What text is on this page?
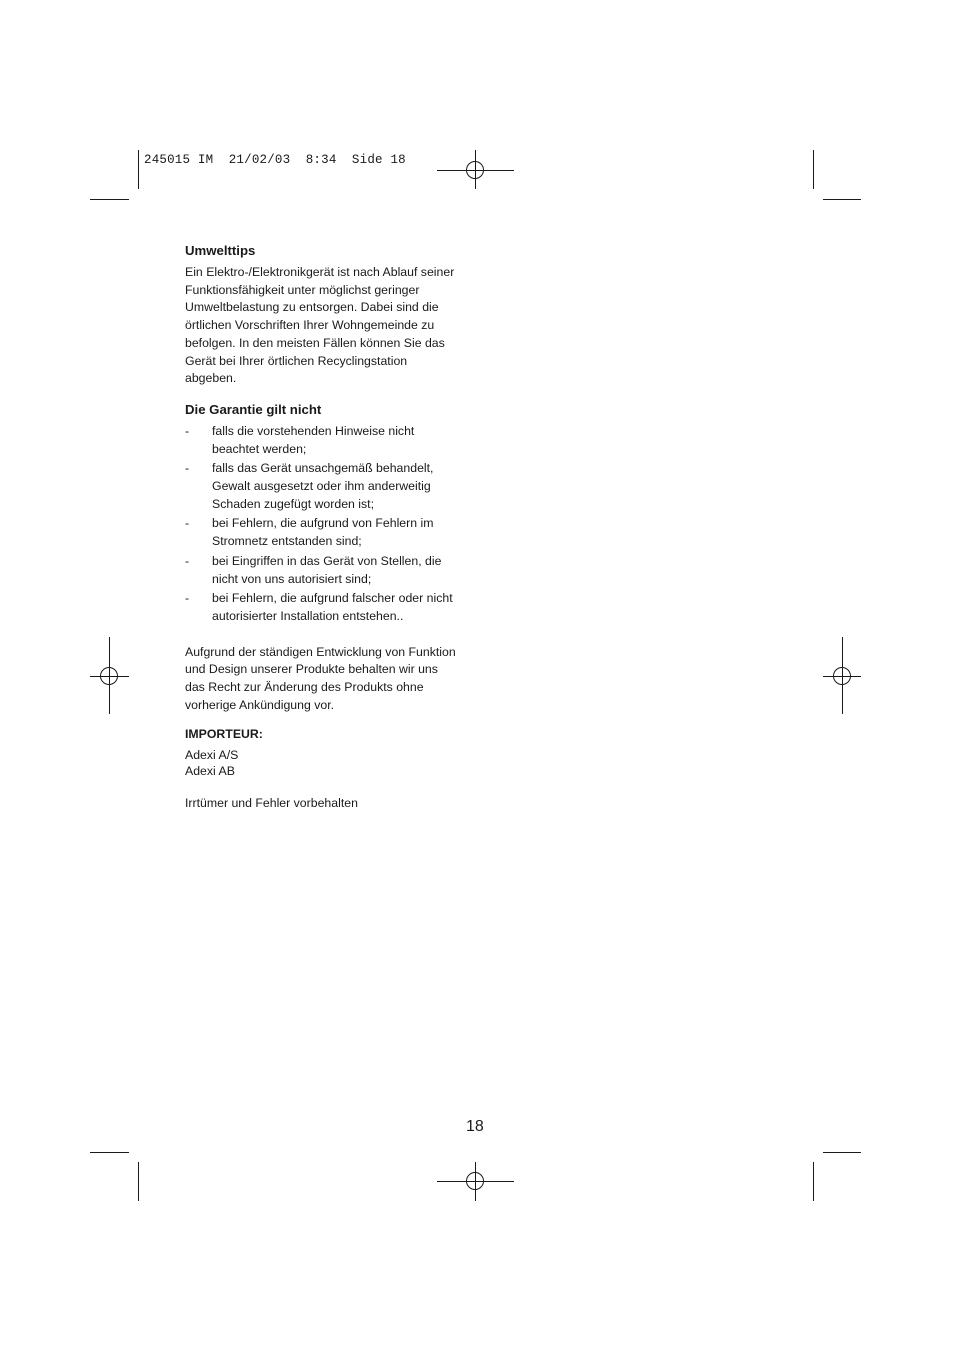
245015 IM  21/02/03  8:34  Side 18
Umwelttips

Ein Elektro-/Elektronikgerät ist nach Ablauf seiner
Funktionsfähigkeit unter möglichst geringer
Umweltbelastung zu entsorgen. Dabei sind die
örtlichen Vorschriften Ihrer Wohngemeinde zu
befolgen. In den meisten Fällen können Sie das
Gerät bei Ihrer örtlichen Recyclingstation
abgeben.

Die Garantie gilt nicht
- falls die vorstehenden Hinweise nicht
beachtet werden;
- falls das Gerät unsachgemäß behandelt,
Gewalt ausgesetzt oder ihm anderweitig
Schaden zugefügt worden ist;
- bei Fehlern, die aufgrund von Fehlern im
Stromnetz entstanden sind;
- bei Eingriffen in das Gerät von Stellen, die
nicht von uns autorisiert sind;
- bei Fehlern, die aufgrund falscher oder nicht
autorisierter Installation entstehen..

Aufgrund der ständigen Entwicklung von Funktion
und Design unserer Produkte behalten wir uns
das Recht zur Änderung des Produkts ohne
vorherige Ankündigung vor.

IMPORTEUR:
Adexi A/S
Adexi AB

Irrtümer und Fehler vorbehalten

18
